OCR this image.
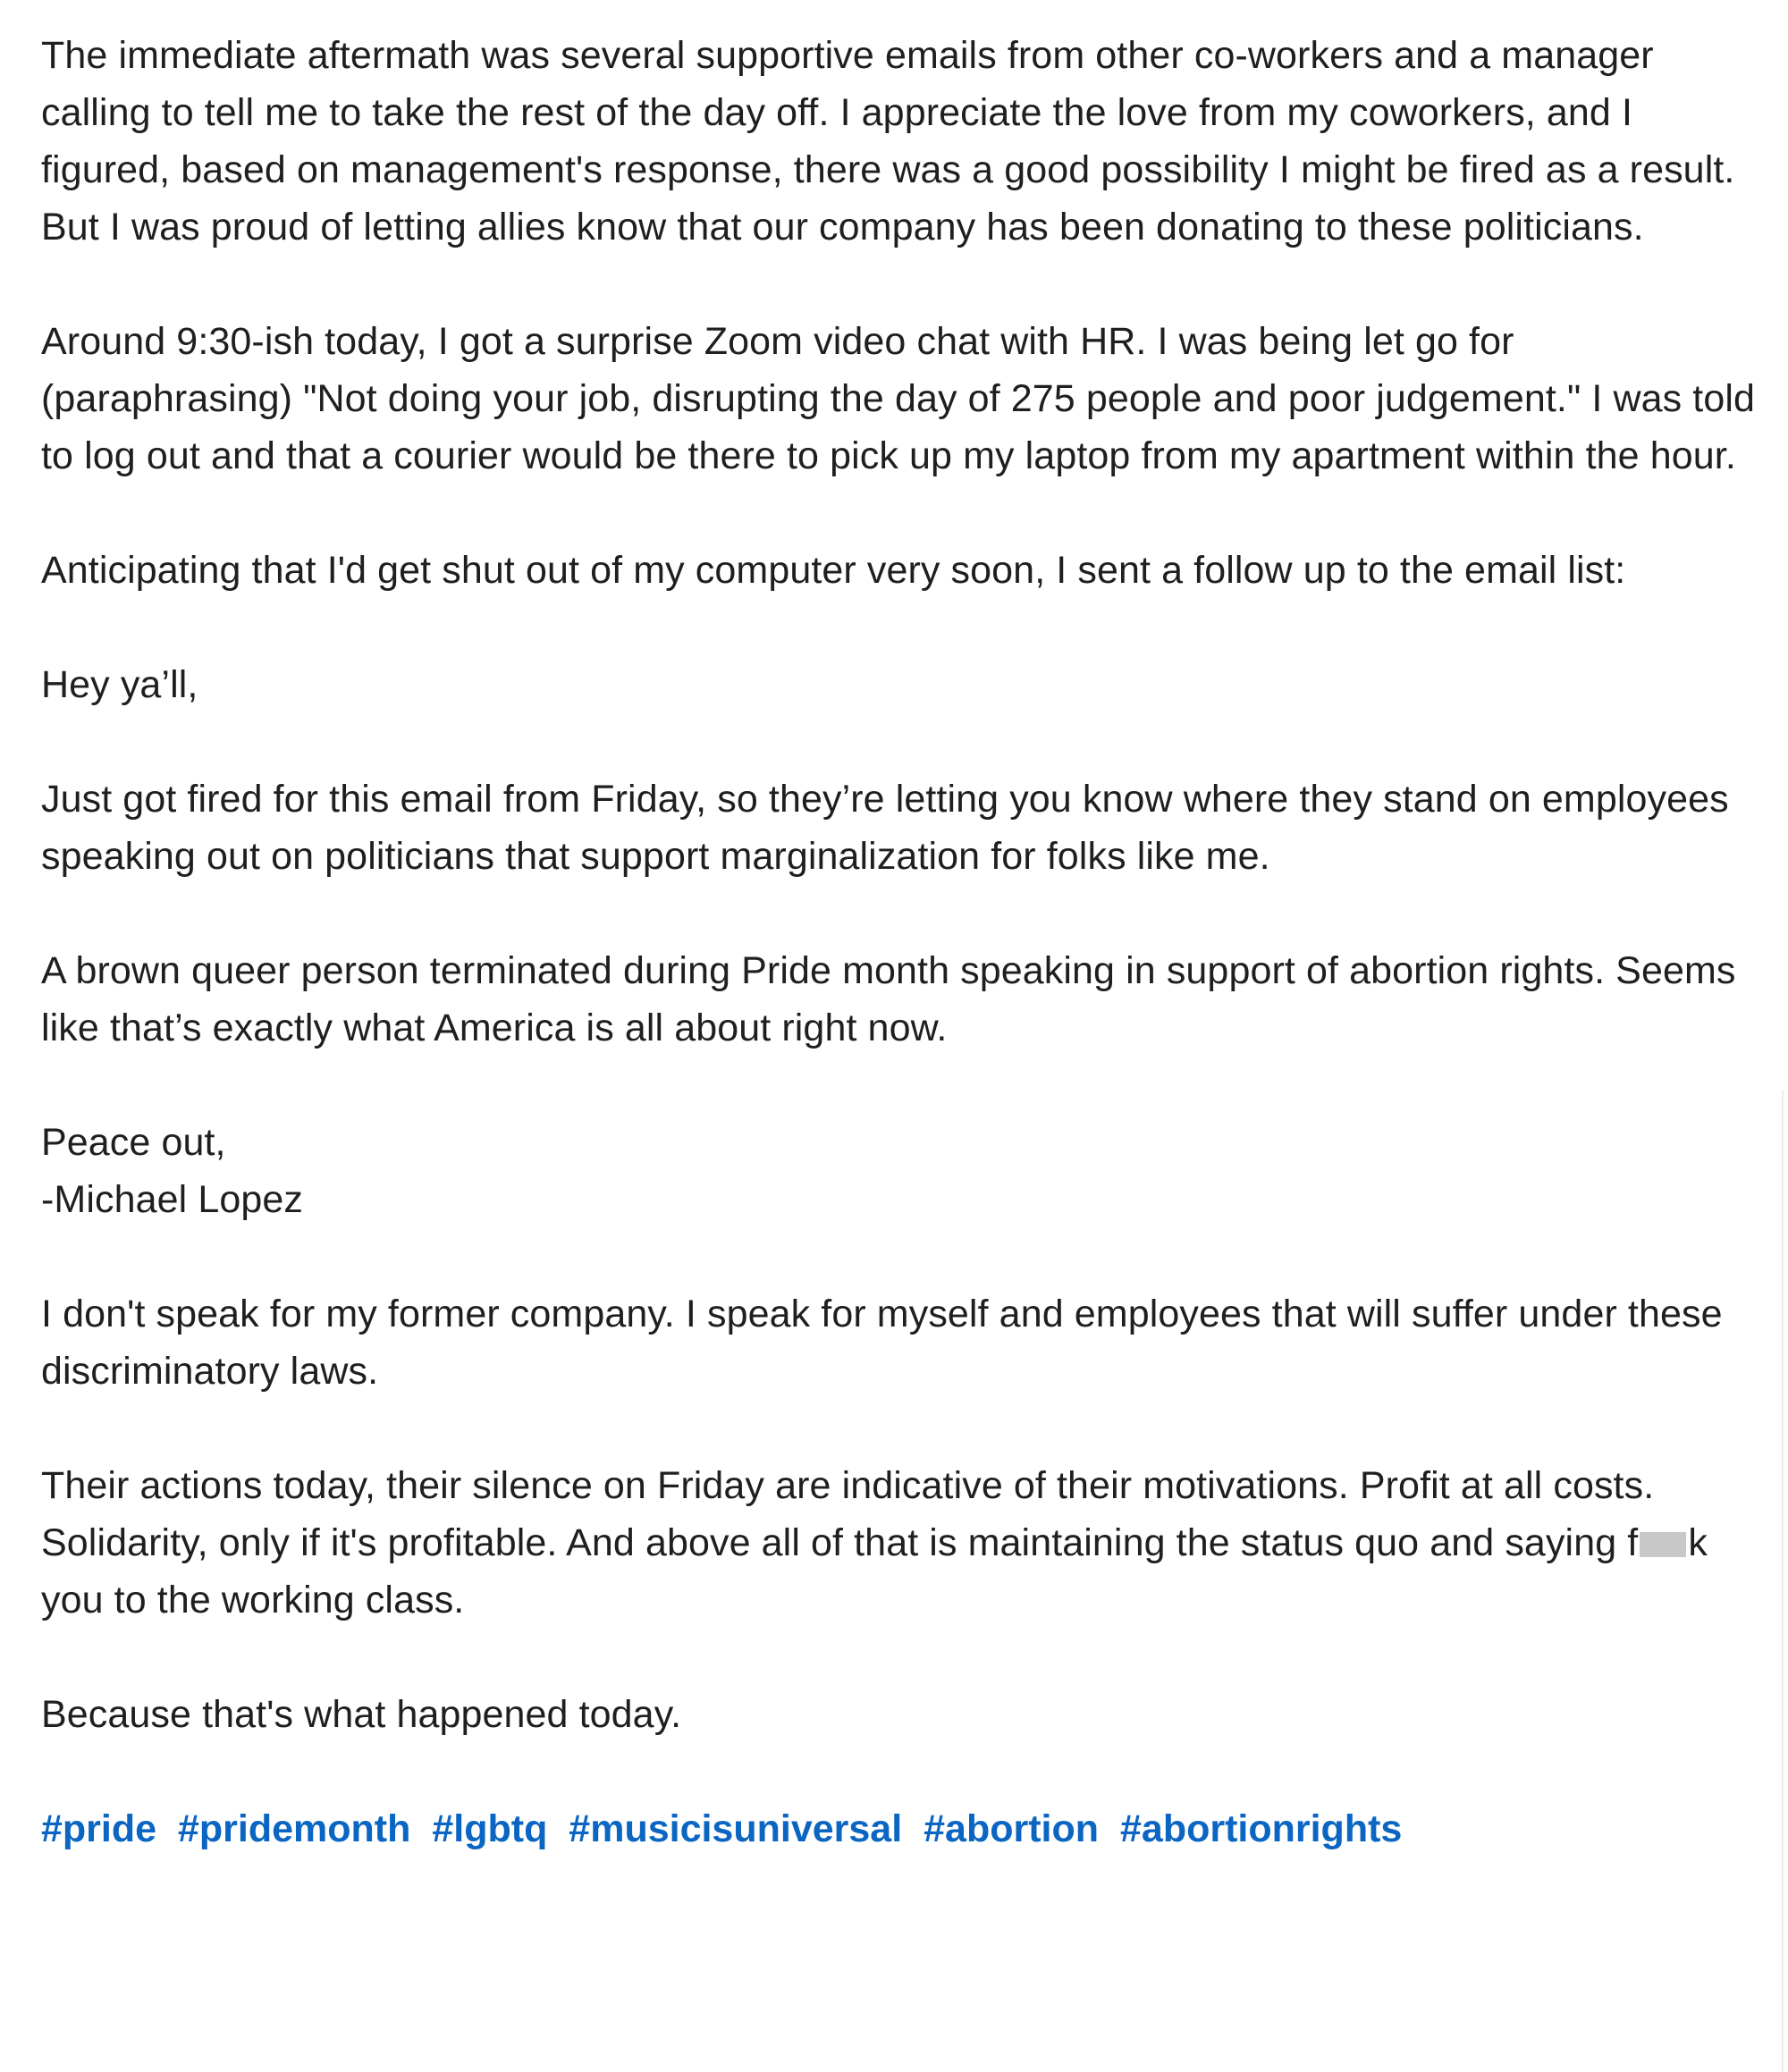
The immediate aftermath was several supportive emails from other co-workers and a manager calling to tell me to take the rest of the day off. I appreciate the love from my coworkers, and I figured, based on management's response, there was a good possibility I might be fired as a result. But I was proud of letting allies know that our company has been donating to these politicians.

Around 9:30-ish today, I got a surprise Zoom video chat with HR. I was being let go for (paraphrasing) "Not doing your job, disrupting the day of 275 people and poor judgement." I was told to log out and that a courier would be there to pick up my laptop from my apartment within the hour.

Anticipating that I'd get shut out of my computer very soon, I sent a follow up to the email list:

Hey ya’ll,

Just got fired for this email from Friday, so they’re letting you know where they stand on employees speaking out on politicians that support marginalization for folks like me.

A brown queer person terminated during Pride month speaking in support of abortion rights. Seems like that’s exactly what America is all about right now.

Peace out,
-Michael Lopez

I don't speak for my former company. I speak for myself and employees that will suffer under these discriminatory laws.

Their actions today, their silence on Friday are indicative of their motivations. Profit at all costs. Solidarity, only if it's profitable. And above all of that is maintaining the status quo and saying f k you to the working class.

Because that's what happened today.

#pride #pridemonth #lgbtq #musicisuniversal #abortion #abortionrights
